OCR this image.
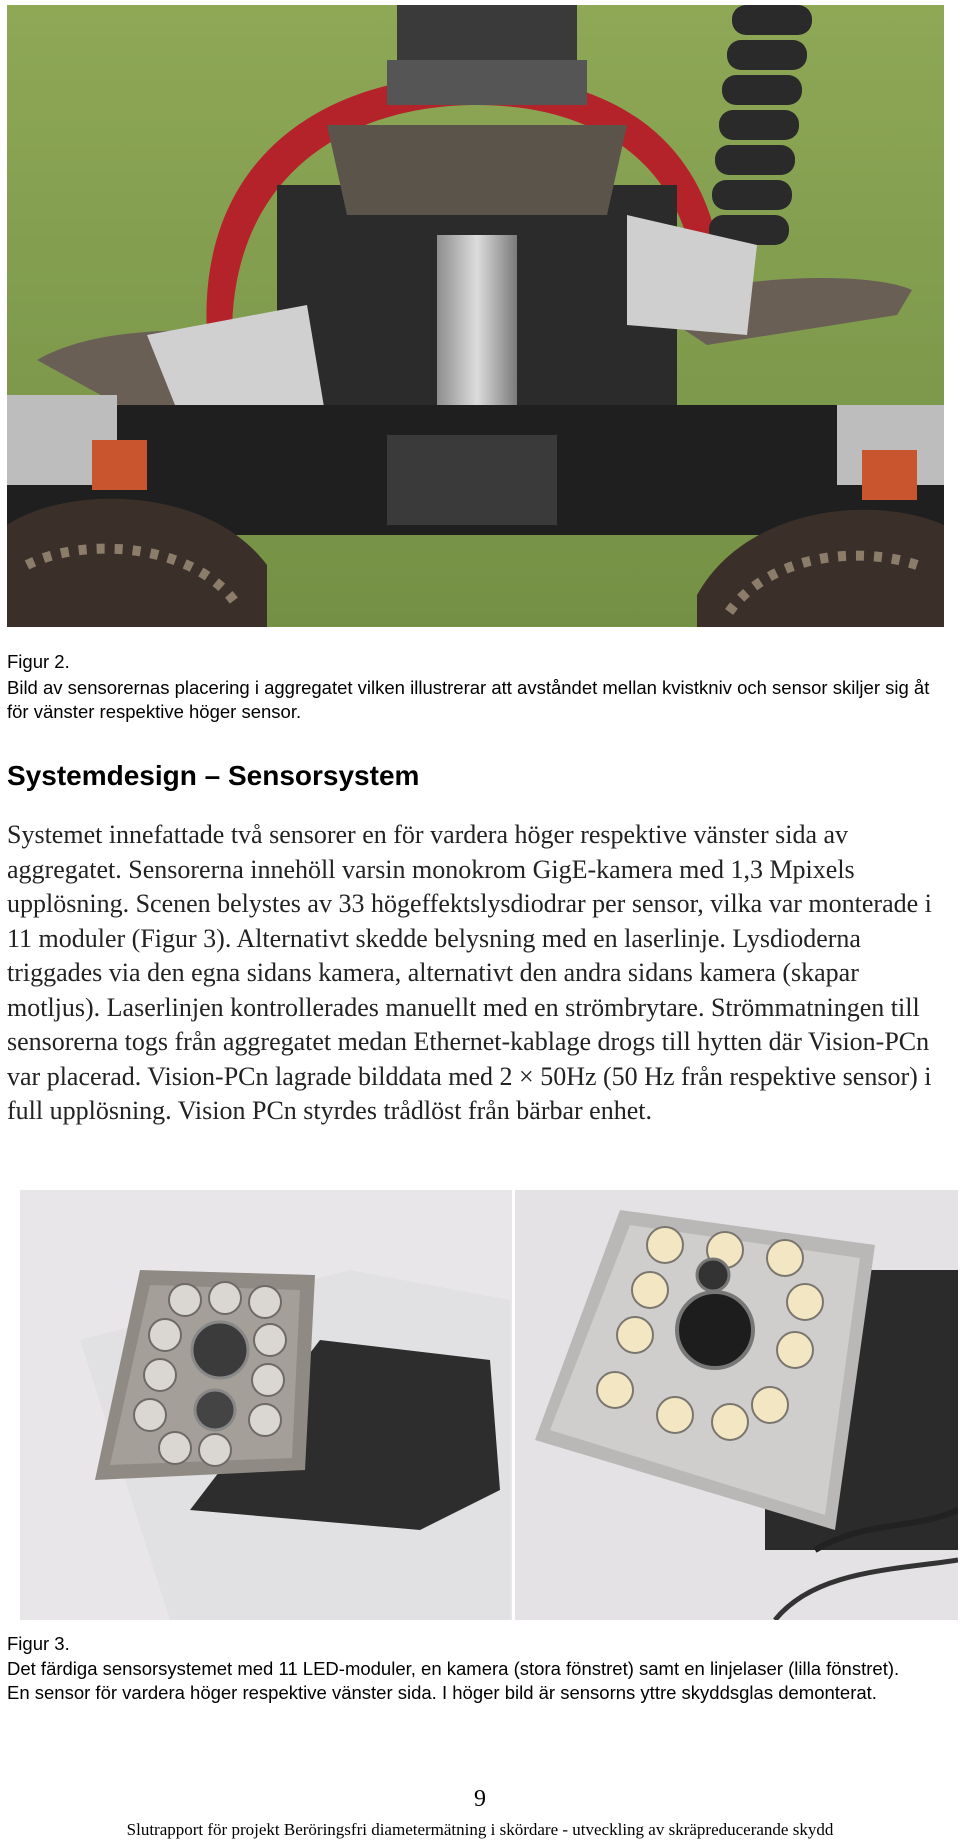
Figur 2.
Bild av sensorernas placering i aggregatet vilken illustrerar att avståndet mellan kvistkniv och sensor skiljer sig åt för vänster respektive höger sensor.
Systemdesign – Sensorsystem

Systemet innefattade två sensorer en för vardera höger respektive vänster sida av aggregatet. Sensorerna innehöll varsin monokrom GigE-kamera med 1,3 Mpixels upplösning. Scenen belystes av 33 högeffektslysdiodrar per sensor, vilka var monterade i 11 moduler (Figur 3). Alternativt skedde belysning med en laserlinje. Lysdioderna triggades via den egna sidans kamera, alternativt den andra sidans kamera (skapar motljus). Laserlinjen kontrollerades manuellt med en strömbrytare. Strömmatningen till sensorerna togs från aggregatet medan Ethernet-kablage drogs till hytten där Vision-PCn var placerad. Vision-PCn lagrade bilddata med 2 × 50Hz (50 Hz från respektive sensor) i full upplösning. Vision PCn styrdes trådlöst från bärbar enhet.

Figur 3.
Det färdiga sensorsystemet med 11 LED-moduler, en kamera (stora fönstret) samt en linjelaser (lilla fönstret).
En sensor för vardera höger respektive vänster sida. I höger bild är sensorns yttre skyddsglas demonterat.
9
Slutrapport för projekt Beröringsfri diametermätning i skördare - utveckling av skräpreducerande skydd
